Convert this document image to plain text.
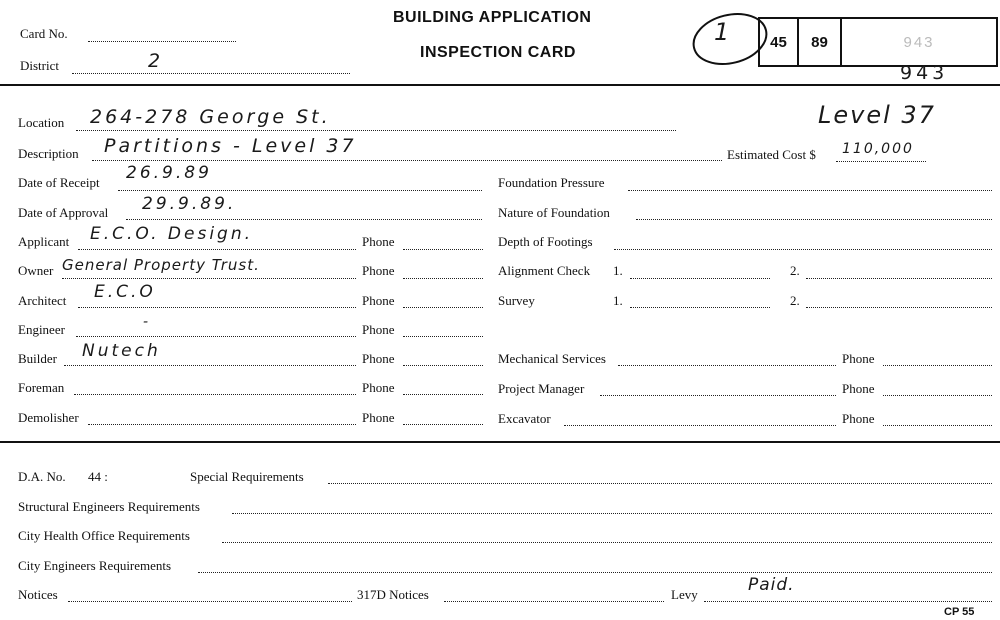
Card No.
District	2
BUILDING APPLICATION
INSPECTION CARD
1	45 89	943
943
Location 264-278 George St.	Level 37
Description Partitions - Level 37	Estimated Cost $ 110,000
Date of Receipt 26.9.89
Date of Approval 29.9.89.
Applicant E.C.O. Design.	Phone
Owner General Property Trust.	Phone
Architect E.C.O	Phone
Engineer	-	Phone
Builder Nutech	Phone
Foreman	Phone
Demolisher	Phone
Foundation Pressure
Nature of Foundation
Depth of Footings
Alignment Check 1.	2.
Survey	1.	2.
Mechanical Services	Phone
Project Manager	Phone
Excavator	Phone
D.A. No. 44 :	Special Requirements
Structural Engineers Requirements
City Health Office Requirements
City Engineers Requirements
Notices	317D Notices	Levy	Paid.
CP 55
